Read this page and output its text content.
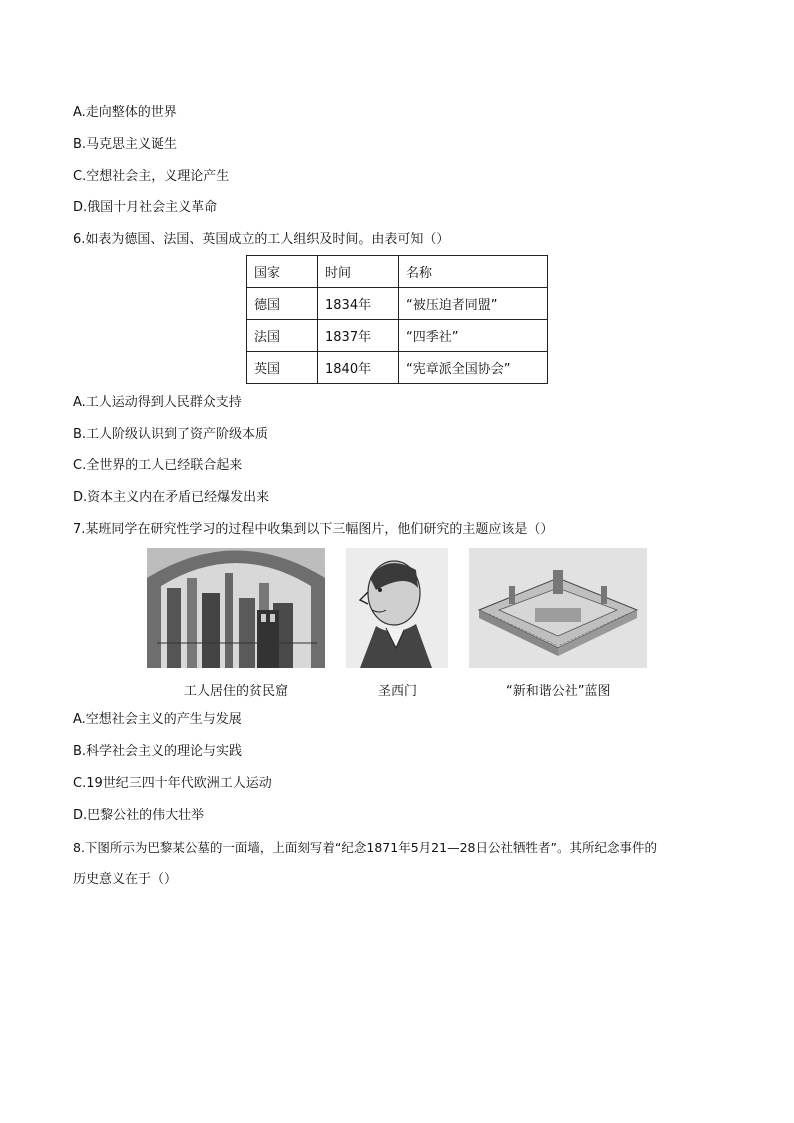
A.走向整体的世界
B.马克思主义诞生
C.空想社会主，义理论产生
D.俄国十月社会主义革命
6.如表为德国、法国、英国成立的工人组织及时间。由表可知（）
国家	时间	名称
德国	1834年	“被压迫者同盟”
法国	1837年	“四季社”
英国	1840年	“宪章派全国协会”
A.工人运动得到人民群众支持
B.工人阶级认识到了资产阶级本质
C.全世界的工人已经联合起来
D.资本主义内在矛盾已经爆发出来
7.某班同学在研究性学习的过程中收集到以下三幅图片，他们研究的主题应该是（）
工人居住的贫民窟	圣西门	“新和谐公社”蓝图
A.空想社会主义的产生与发展
B.科学社会主义的理论与实践
C.19世纪三四十年代欧洲工人运动
D.巴黎公社的伟大壮举
8.下图所示为巴黎某公墓的一面墙，上面刻写着“纪念1871年5月21—28日公社牺牲者”。其所纪念事件的
历史意义在于（）
